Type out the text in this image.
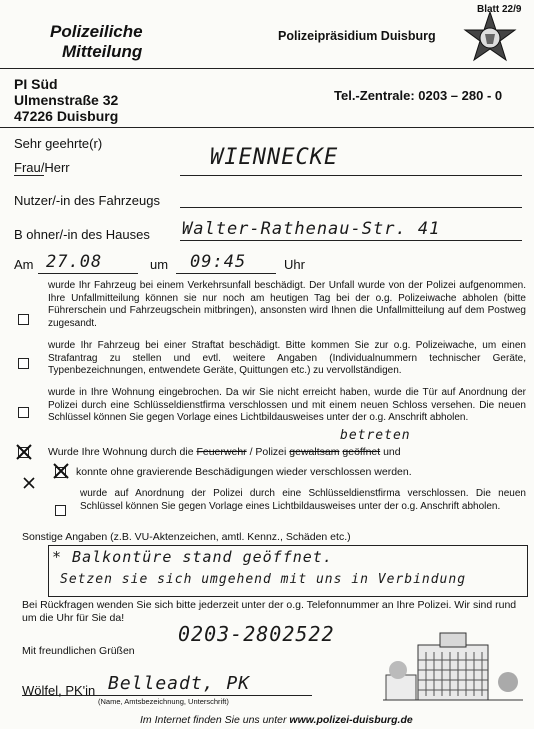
Polizeiliche
Mitteilung
Polizeipräsidium Duisburg
Blatt 22/9
PI Süd
Ulmenstraße 32
47226 Duisburg
Tel.-Zentrale: 0203 – 280 - 0
Sehr geehrte(r)
Frau/Herr	WIENNECKE
Nutzer/-in des Fahrzeugs
B ohner/-in des Hauses Walter-Rathenau-Str. 41
Am 27.08	um 09:45	Uhr
wurde Ihr Fahrzeug bei einem Verkehrsunfall beschädigt. Der Unfall wurde von der Polizei aufgenommen. Ihre Unfallmitteilung können sie nur noch am heutigen Tag bei der o.g. Polizeiwache abholen (bitte Führerschein und Fahrzeugschein mitbringen), ansonsten wird Ihnen die Unfallmitteilung auf dem Postweg zugesandt.
wurde Ihr Fahrzeug bei einer Straftat beschädigt. Bitte kommen Sie zur o.g. Polizeiwache, um einen Strafantrag zu stellen und evtl. weitere Angaben (Individualnummern technischer Geräte, Typenbezeichnungen, entwendete Geräte, Quittungen etc.) zu vervollständigen.
wurde in Ihre Wohnung eingebrochen. Da wir Sie nicht erreicht haben, wurde die Tür auf Anordnung der Polizei durch eine Schlüsseldienstfirma verschlossen und mit einem neuen Schloss versehen. Die neuen Schlüssel können Sie gegen Vorlage eines Lichtbildausweises unter der o.g. Anschrift abholen.
Wurde Ihre Wohnung durch die Feuerwehr / Polizei gewaltsam geöffnet und
betreten
konnte ohne gravierende Beschädigungen wieder verschlossen werden.
wurde auf Anordnung der Polizei durch eine Schlüsseldienstfirma verschlossen. Die neuen Schlüssel können Sie gegen Vorlage eines Lichtbildausweises unter der o.g. Anschrift abholen.
Sonstige Angaben (z.B. VU-Aktenzeichen, amtl. Kennz., Schäden etc.)
* Balkontüre stand geöffnet.
Setzen sie sich umgehend mit uns in Verbindung
Bei Rückfragen wenden Sie sich bitte jederzeit unter der o.g. Telefonnummer an Ihre Polizei. Wir sind rund um die Uhr für Sie da!
0203-2802522
Mit freundlichen Grüßen
Wölfel, PK'in Belleadt, PK
(Name, Amtsbezeichnung, Unterschrift)
Im Internet finden Sie uns unter www.polizei-duisburg.de
